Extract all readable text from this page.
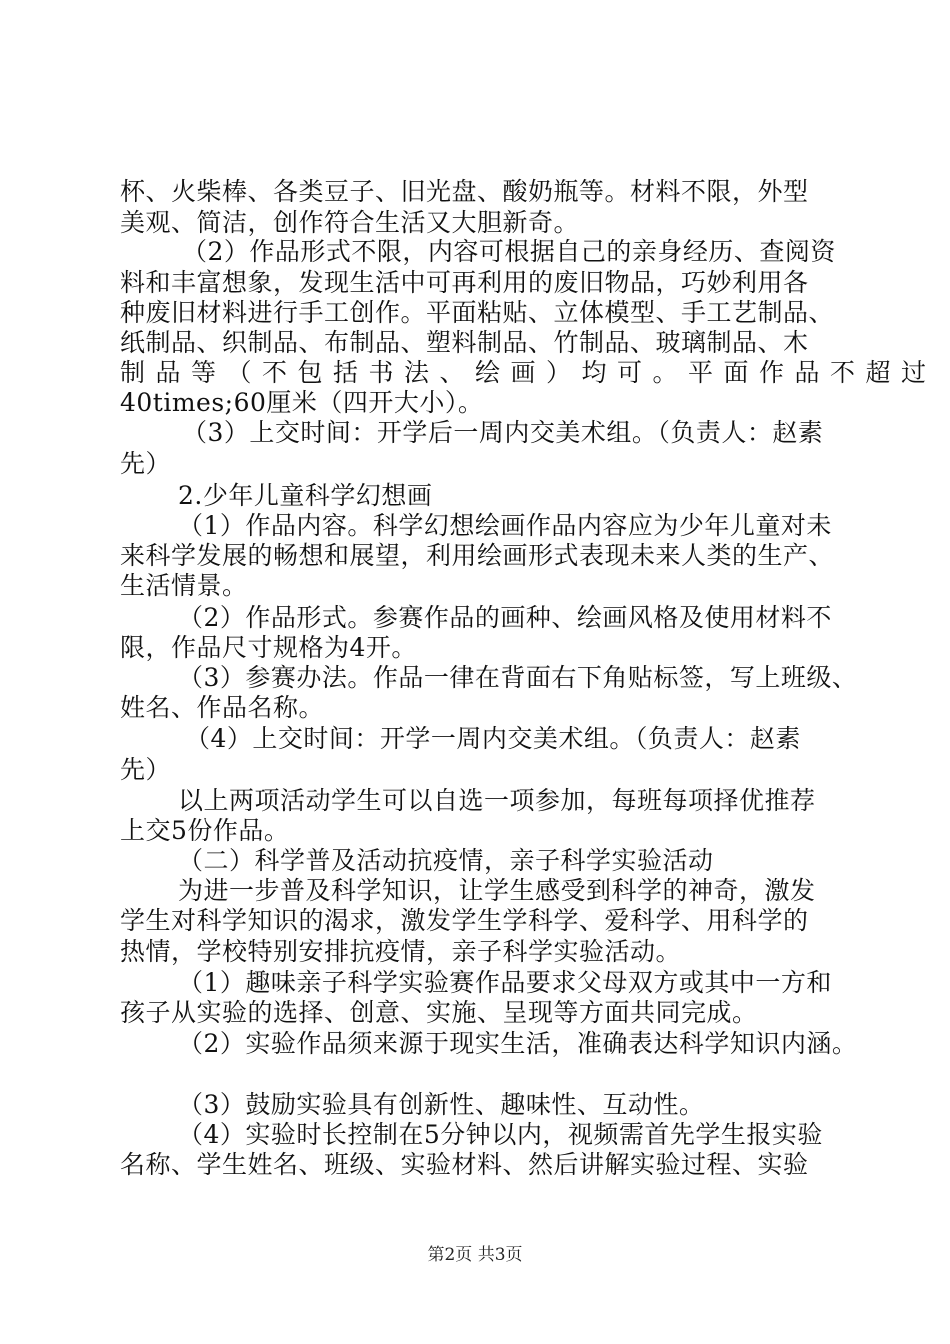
杯、火柴棒、各类豆子、旧光盘、酸奶瓶等。材料不限，外型
美观、简洁，创作符合生活又大胆新奇。
（2）作品形式不限，内容可根据自己的亲身经历、查阅资
料和丰富想象，发现生活中可再利用的废旧物品，巧妙利用各
种废旧材料进行手工创作。平面粘贴、立体模型、手工艺制品、
纸制品、织制品、布制品、塑料制品、竹制品、玻璃制品、木
制品等（不包括书法、绘画）均可。平面作品不超过
40times;60厘米（四开大小）。
（3）上交时间：开学后一周内交美术组。（负责人：赵素
先）
2.少年儿童科学幻想画
（1）作品内容。科学幻想绘画作品内容应为少年儿童对未
来科学发展的畅想和展望，利用绘画形式表现未来人类的生产、
生活情景。
（2）作品形式。参赛作品的画种、绘画风格及使用材料不
限，作品尺寸规格为4开。
（3）参赛办法。作品一律在背面右下角贴标签，写上班级、
姓名、作品名称。
（4）上交时间：开学一周内交美术组。（负责人：赵素
先）
以上两项活动学生可以自选一项参加，每班每项择优推荐
上交5份作品。
（二）科学普及活动抗疫情，亲子科学实验活动
为进一步普及科学知识，让学生感受到科学的神奇，激发
学生对科学知识的渴求，激发学生学科学、爱科学、用科学的
热情，学校特别安排抗疫情，亲子科学实验活动。
（1）趣味亲子科学实验赛作品要求父母双方或其中一方和
孩子从实验的选择、创意、实施、呈现等方面共同完成。
（2）实验作品须来源于现实生活，准确表达科学知识内涵。
（3）鼓励实验具有创新性、趣味性、互动性。
（4）实验时长控制在5分钟以内，视频需首先学生报实验
名称、学生姓名、班级、实验材料、然后讲解实验过程、实验
第2页 共3页
